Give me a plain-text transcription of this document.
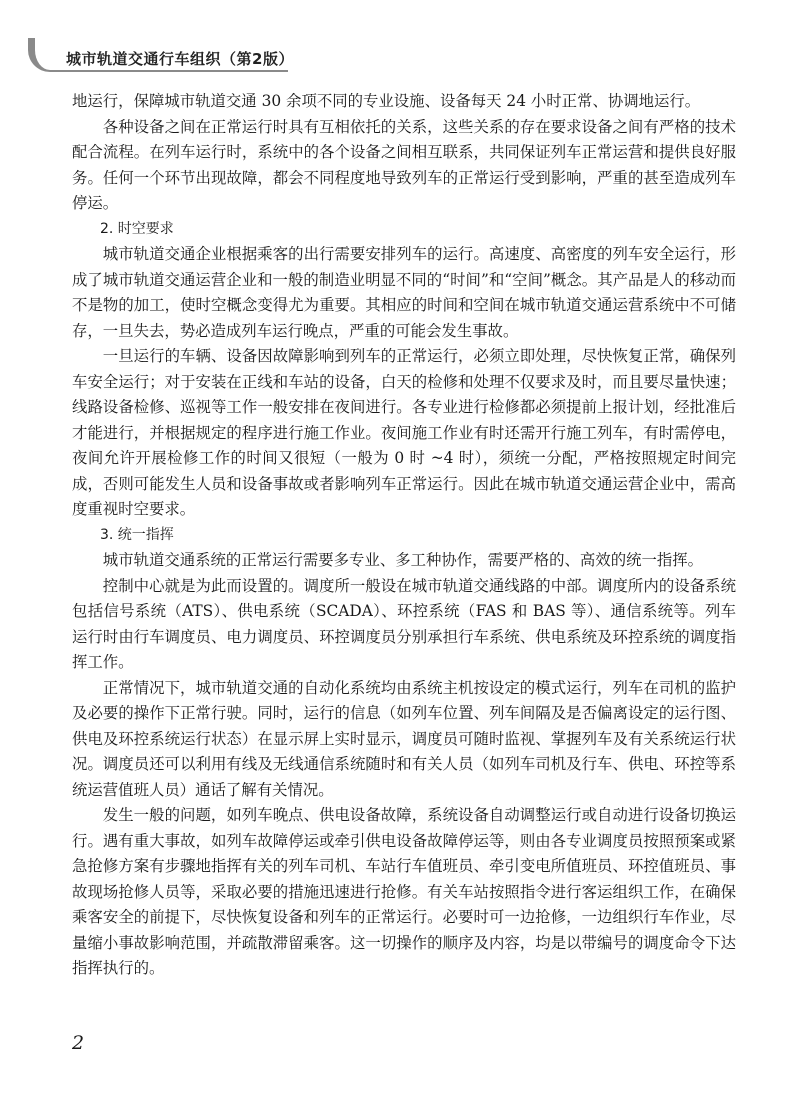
城市轨道交通行车组织（第2版）

地运行，保障城市轨道交通 30 余项不同的专业设施、设备每天 24 小时正常、协调地运行。

各种设备之间在正常运行时具有互相依托的关系，这些关系的存在要求设备之间有严格的技术配合流程。在列车运行时，系统中的各个设备之间相互联系，共同保证列车正常运营和提供良好服务。任何一个环节出现故障，都会不同程度地导致列车的正常运行受到影响，严重的甚至造成列车停运。

2. 时空要求

城市轨道交通企业根据乘客的出行需要安排列车的运行。高速度、高密度的列车安全运行，形成了城市轨道交通运营企业和一般的制造业明显不同的“时间”和“空间”概念。其产品是人的移动而不是物的加工，使时空概念变得尤为重要。其相应的时间和空间在城市轨道交通运营系统中不可储存，一旦失去，势必造成列车运行晚点，严重的可能会发生事故。

一旦运行的车辆、设备因故障影响到列车的正常运行，必须立即处理，尽快恢复正常，确保列车安全运行；对于安装在正线和车站的设备，白天的检修和处理不仅要求及时，而且要尽量快速；线路设备检修、巡视等工作一般安排在夜间进行。各专业进行检修都必须提前上报计划，经批准后才能进行，并根据规定的程序进行施工作业。夜间施工作业有时还需开行施工列车，有时需停电，夜间允许开展检修工作的时间又很短（一般为 0 时 ~4 时），须统一分配，严格按照规定时间完成，否则可能发生人员和设备事故或者影响列车正常运行。因此在城市轨道交通运营企业中，需高度重视时空要求。

3. 统一指挥

城市轨道交通系统的正常运行需要多专业、多工种协作，需要严格的、高效的统一指挥。

控制中心就是为此而设置的。调度所一般设在城市轨道交通线路的中部。调度所内的设备系统包括信号系统（ATS）、供电系统（SCADA）、环控系统（FAS 和 BAS 等）、通信系统等。列车运行时由行车调度员、电力调度员、环控调度员分别承担行车系统、供电系统及环控系统的调度指挥工作。

正常情况下，城市轨道交通的自动化系统均由系统主机按设定的模式运行，列车在司机的监护及必要的操作下正常行驶。同时，运行的信息（如列车位置、列车间隔及是否偏离设定的运行图、供电及环控系统运行状态）在显示屏上实时显示，调度员可随时监视、掌握列车及有关系统运行状况。调度员还可以利用有线及无线通信系统随时和有关人员（如列车司机及行车、供电、环控等系统运营值班人员）通话了解有关情况。

发生一般的问题，如列车晚点、供电设备故障，系统设备自动调整运行或自动进行设备切换运行。遇有重大事故，如列车故障停运或牵引供电设备故障停运等，则由各专业调度员按照预案或紧急抢修方案有步骤地指挥有关的列车司机、车站行车值班员、牵引变电所值班员、环控值班员、事故现场抢修人员等，采取必要的措施迅速进行抢修。有关车站按照指令进行客运组织工作，在确保乘客安全的前提下，尽快恢复设备和列车的正常运行。必要时可一边抢修，一边组织行车作业，尽量缩小事故影响范围，并疏散滞留乘客。这一切操作的顺序及内容，均是以带编号的调度命令下达指挥执行的。

2
